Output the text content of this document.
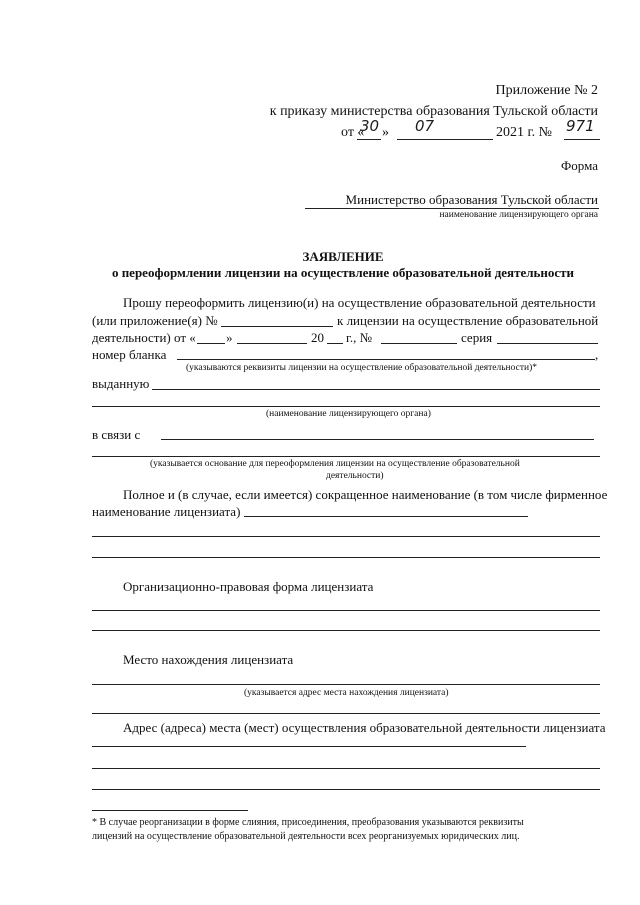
Приложение № 2
к приказу министерства образования Тульской области
от «
30 » 07	2021 г. № 971
Форма
Министерство образования Тульской области
наименование лицензирующего органа
ЗАЯВЛЕНИЕ
о переоформлении лицензии на осуществление образовательной деятельности
Прошу переоформить лицензию(и) на осуществление образовательной деятельности
(или приложение(я) №	к лицензии на осуществление образовательной
деятельности) от « »	20 г., №	серия
номер бланка	,
(указываются реквизиты лицензии на осуществление образовательной деятельности)*
выданную
(наименование лицензирующего органа)
в связи с
(указывается основание для переоформления лицензии на осуществление образовательной
деятельности)
Полное и (в случае, если имеется) сокращенное наименование (в том числе фирменное
наименование лицензиата)
Организационно-правовая форма лицензиата
Место нахождения лицензиата
(указывается адрес места нахождения лицензиата)
Адрес (адреса) места (мест) осуществления образовательной деятельности лицензиата
* В случае реорганизации в форме слияния, присоединения, преобразования указываются реквизиты
лицензий на осуществление образовательной деятельности всех реорганизуемых юридических лиц.
